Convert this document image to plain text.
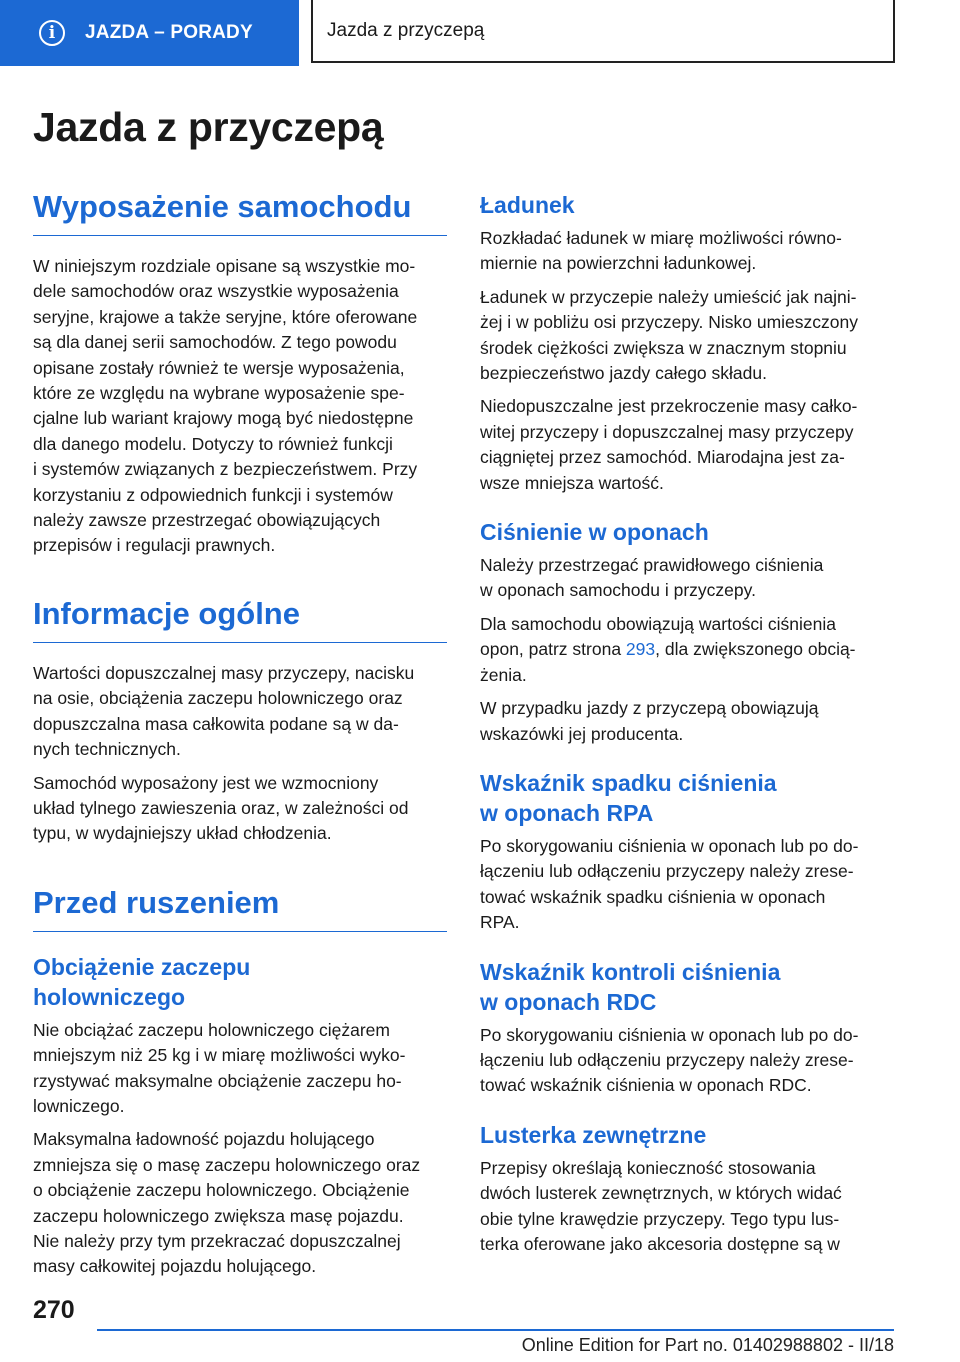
i	JAZDA – PORADY	Jazda z przyczepą
Jazda z przyczepą
Wyposażenie samochodu

W niniejszym rozdziale opisane są wszystkie mo-
dele samochodów oraz wszystkie wyposażenia
seryjne, krajowe a także seryjne, które oferowane
są dla danej serii samochodów. Z tego powodu
opisane zostały również te wersje wyposażenia,
które ze względu na wybrane wyposażenie spe-
cjalne lub wariant krajowy mogą być niedostępne
dla danego modelu. Dotyczy to również funkcji
i systemów związanych z bezpieczeństwem. Przy
korzystaniu z odpowiednich funkcji i systemów
należy zawsze przestrzegać obowiązujących
przepisów i regulacji prawnych.

Informacje ogólne

Wartości dopuszczalnej masy przyczepy, nacisku
na osie, obciążenia zaczepu holowniczego oraz
dopuszczalna masa całkowita podane są w da-
nych technicznych.

Samochód wyposażony jest we wzmocniony
układ tylnego zawieszenia oraz, w zależności od
typu, w wydajniejszy układ chłodzenia.

Przed ruszeniem
Obciążenie zaczepu
holowniczego

Nie obciążać zaczepu holowniczego ciężarem
mniejszym niż 25 kg i w miarę możliwości wyko-
rzystywać maksymalne obciążenie zaczepu ho-
lowniczego.

Maksymalna ładowność pojazdu holującego
zmniejsza się o masę zaczepu holowniczego oraz
o obciążenie zaczepu holowniczego. Obciążenie
zaczepu holowniczego zwiększa masę pojazdu.
Nie należy przy tym przekraczać dopuszczalnej
masy całkowitej pojazdu holującego.

Ładunek

Rozkładać ładunek w miarę możliwości równo-
miernie na powierzchni ładunkowej.

Ładunek w przyczepie należy umieścić jak najni-
żej i w pobliżu osi przyczepy. Nisko umieszczony
środek ciężkości zwiększa w znacznym stopniu
bezpieczeństwo jazdy całego składu.

Niedopuszczalne jest przekroczenie masy całko-
witej przyczepy i dopuszczalnej masy przyczepy
ciągniętej przez samochód. Miarodajna jest za-
wsze mniejsza wartość.

Ciśnienie w oponach

Należy przestrzegać prawidłowego ciśnienia
w oponach samochodu i przyczepy.

Dla samochodu obowiązują wartości ciśnienia
opon, patrz strona 293, dla zwiększonego obcią-
żenia.

W przypadku jazdy z przyczepą obowiązują
wskazówki jej producenta.

Wskaźnik spadku ciśnienia
w oponach RPA

Po skorygowaniu ciśnienia w oponach lub po do-
łączeniu lub odłączeniu przyczepy należy zrese-
tować wskaźnik spadku ciśnienia w oponach
RPA.

Wskaźnik kontroli ciśnienia
w oponach RDC

Po skorygowaniu ciśnienia w oponach lub po do-
łączeniu lub odłączeniu przyczepy należy zrese-
tować wskaźnik ciśnienia w oponach RDC.

Lusterka zewnętrzne

Przepisy określają konieczność stosowania
dwóch lusterek zewnętrznych, w których widać
obie tylne krawędzie przyczepy. Tego typu lus-
terka oferowane jako akcesoria dostępne są w

270
Online Edition for Part no. 01402988802 - II/18
